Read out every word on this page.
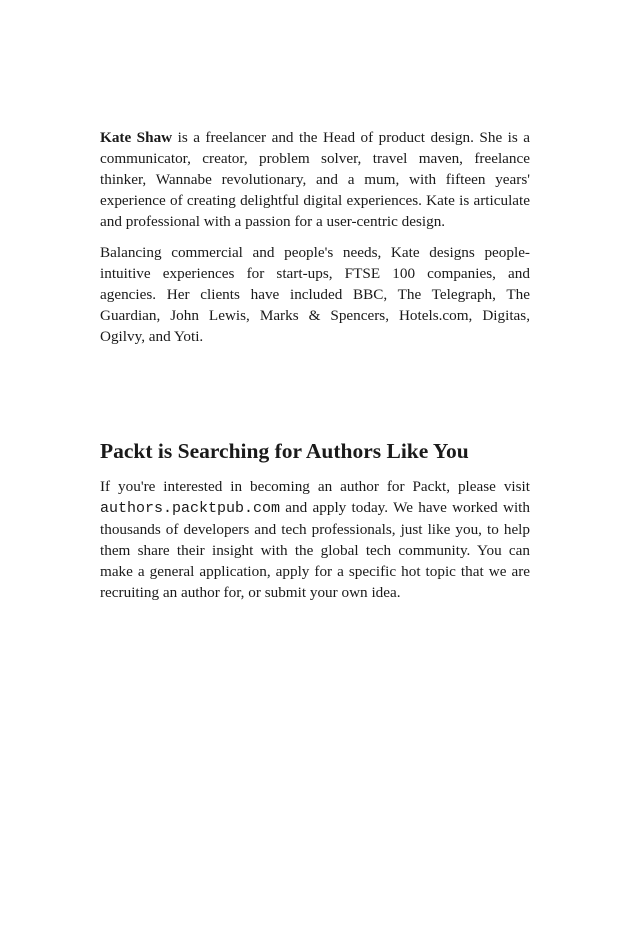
Kate Shaw is a freelancer and the Head of product design. She is a communicator, creator, problem solver, travel maven, freelance thinker, Wannabe revolutionary, and a mum, with fifteen years' experience of creating delightful digital experiences. Kate is articulate and professional with a passion for a user-centric design.

Balancing commercial and people's needs, Kate designs people-intuitive experiences for start-ups, FTSE 100 companies, and agencies. Her clients have included BBC, The Telegraph, The Guardian, John Lewis, Marks & Spencers, Hotels.com, Digitas, Ogilvy, and Yoti.

Packt is Searching for Authors Like You

If you're interested in becoming an author for Packt, please visit authors.packtpub.com and apply today. We have worked with thousands of developers and tech professionals, just like you, to help them share their insight with the global tech community. You can make a general application, apply for a specific hot topic that we are recruiting an author for, or submit your own idea.
